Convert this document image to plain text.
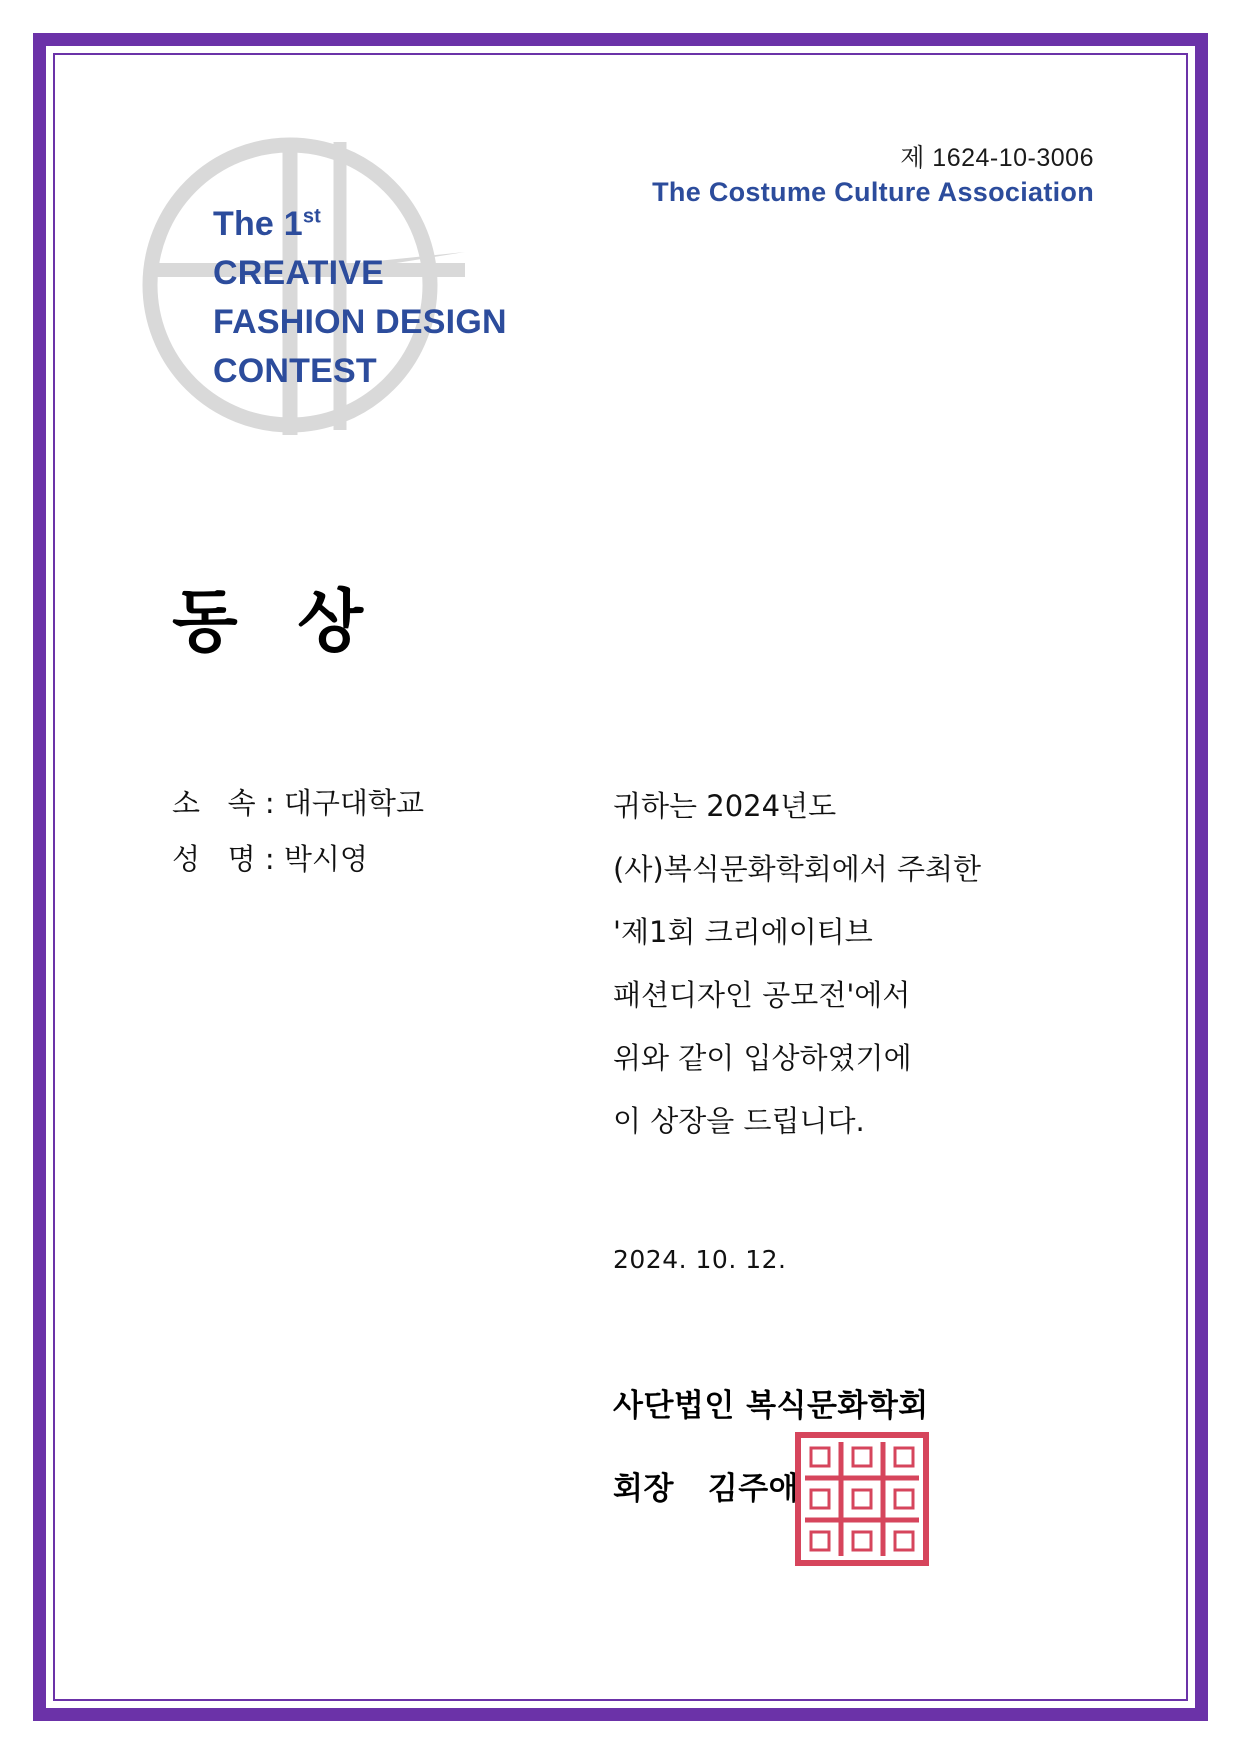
제 1624-10-3006
The Costume Culture Association
The 1st
CREATIVE
FASHION DESIGN
CONTEST
동 상
소   속 : 대구대학교
성   명 : 박시영
귀하는 2024년도
(사)복식문화학회에서 주최한
'제1회 크리에이티브
패션디자인 공모전'에서
위와 같이 입상하였기에
이 상장을 드립니다.
2024. 10. 12.
사단법인 복식문화학회
회장   김주애
